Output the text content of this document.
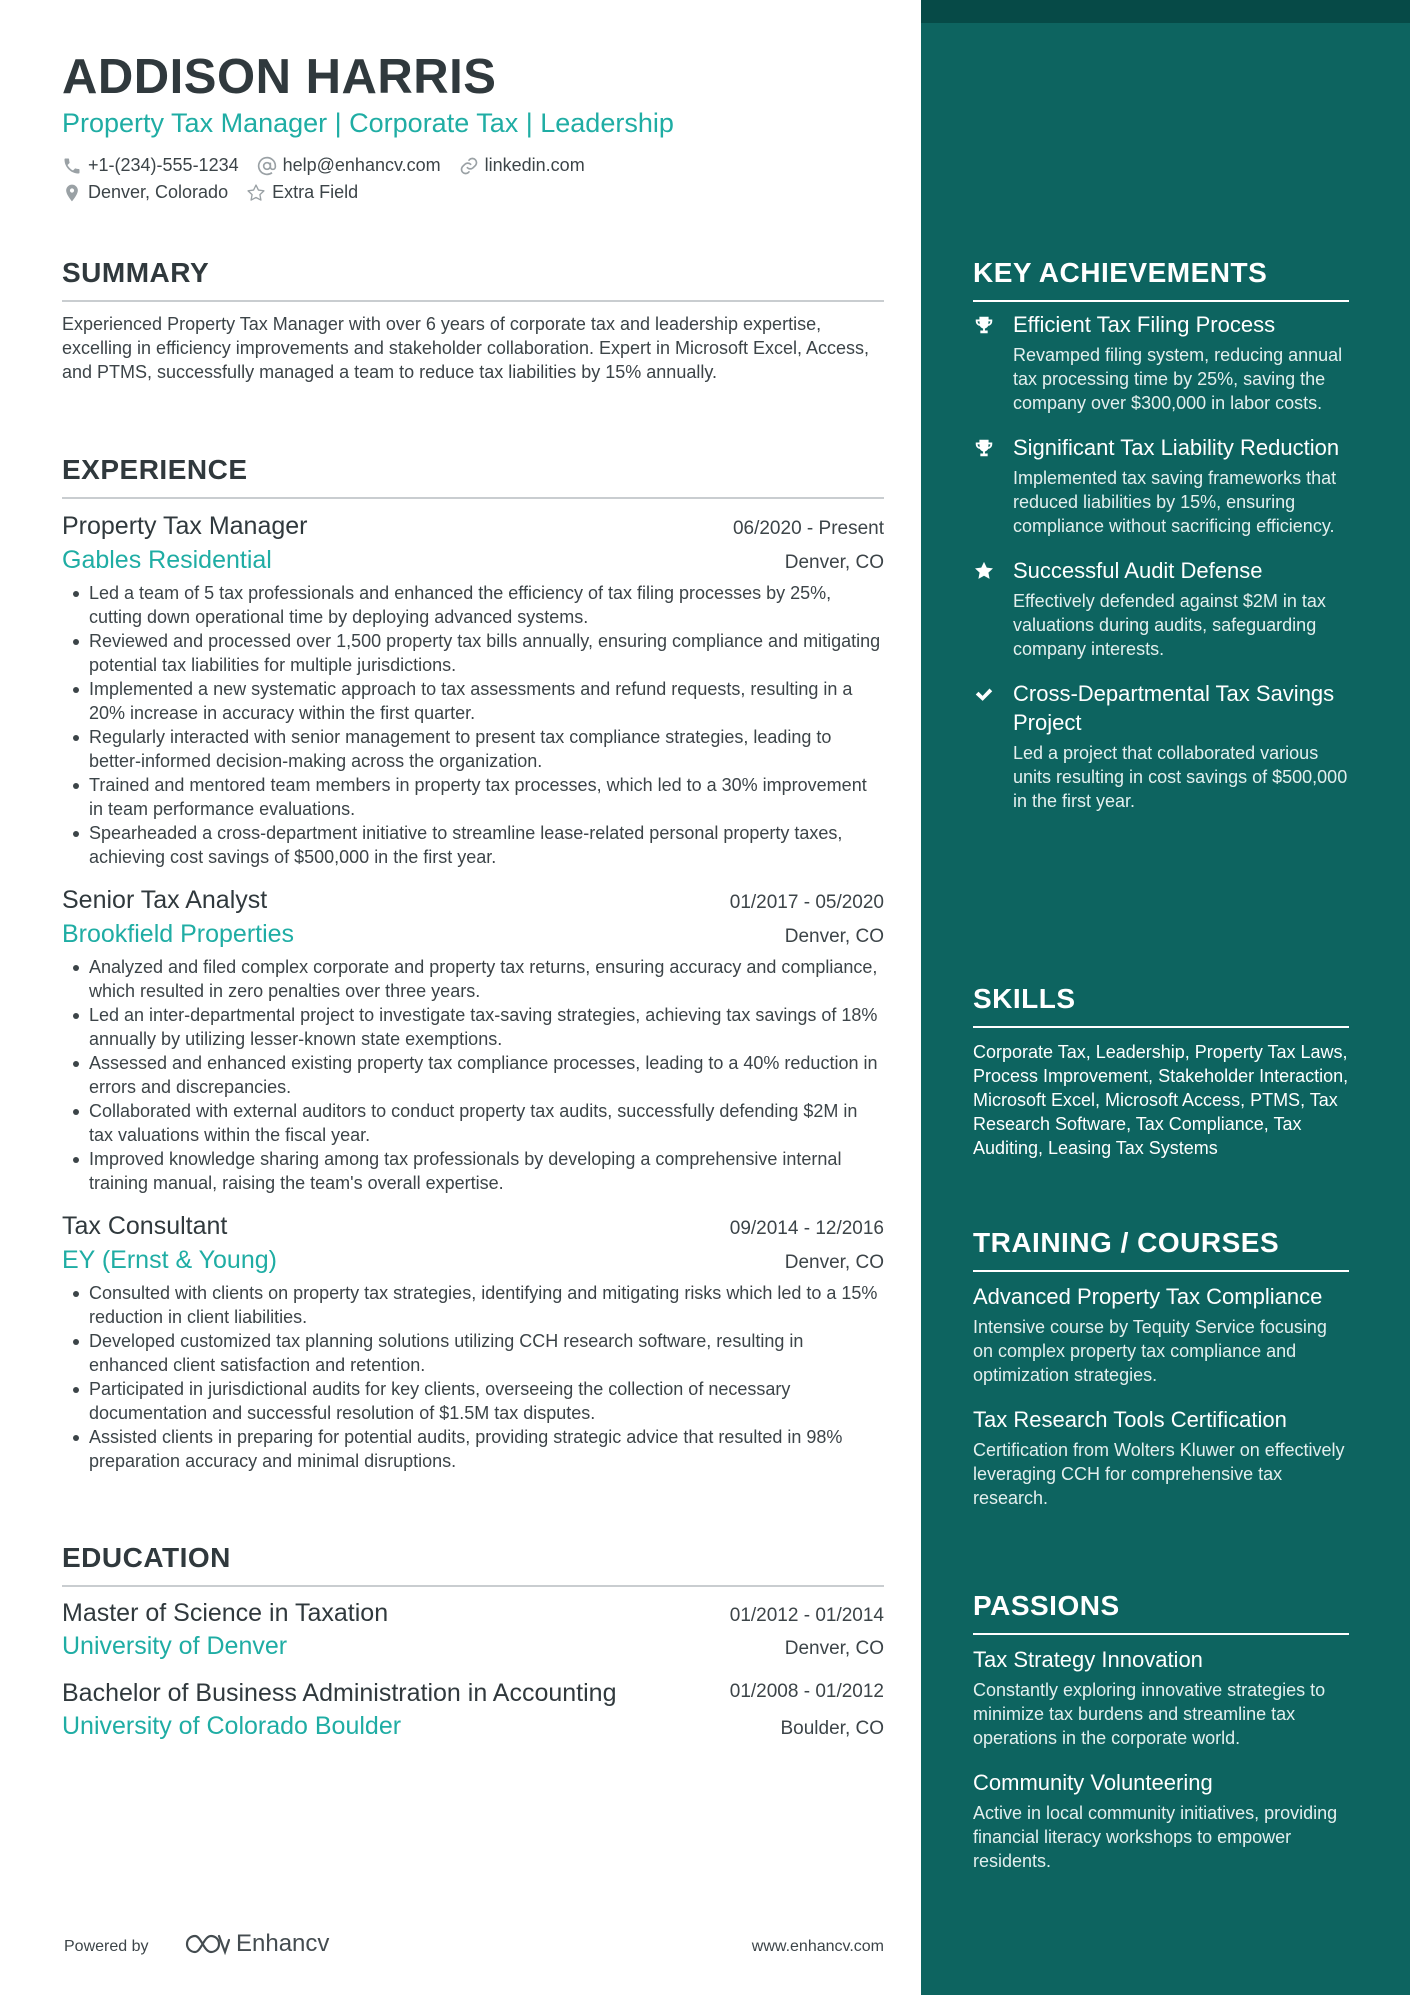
ADDISON HARRIS
Property Tax Manager | Corporate Tax | Leadership
+1-(234)-555-1234 help@enhancv.com linkedin.com
Denver, Colorado Extra Field
SUMMARY
Experienced Property Tax Manager with over 6 years of corporate tax and leadership expertise, excelling in efficiency improvements and stakeholder collaboration. Expert in Microsoft Excel, Access, and PTMS, successfully managed a team to reduce tax liabilities by 15% annually.
EXPERIENCE
Property Tax Manager	06/2020 - Present
Gables Residential	Denver, CO
Led a team of 5 tax professionals and enhanced the efficiency of tax filing processes by 25%, cutting down operational time by deploying advanced systems.
Reviewed and processed over 1,500 property tax bills annually, ensuring compliance and mitigating potential tax liabilities for multiple jurisdictions.
Implemented a new systematic approach to tax assessments and refund requests, resulting in a 20% increase in accuracy within the first quarter.
Regularly interacted with senior management to present tax compliance strategies, leading to better-informed decision-making across the organization.
Trained and mentored team members in property tax processes, which led to a 30% improvement in team performance evaluations.
Spearheaded a cross-department initiative to streamline lease-related personal property taxes, achieving cost savings of $500,000 in the first year.
Senior Tax Analyst	01/2017 - 05/2020
Brookfield Properties	Denver, CO
Analyzed and filed complex corporate and property tax returns, ensuring accuracy and compliance, which resulted in zero penalties over three years.
Led an inter-departmental project to investigate tax-saving strategies, achieving tax savings of 18% annually by utilizing lesser-known state exemptions.
Assessed and enhanced existing property tax compliance processes, leading to a 40% reduction in errors and discrepancies.
Collaborated with external auditors to conduct property tax audits, successfully defending $2M in tax valuations within the fiscal year.
Improved knowledge sharing among tax professionals by developing a comprehensive internal training manual, raising the team's overall expertise.
Tax Consultant	09/2014 - 12/2016
EY (Ernst & Young)	Denver, CO
Consulted with clients on property tax strategies, identifying and mitigating risks which led to a 15% reduction in client liabilities.
Developed customized tax planning solutions utilizing CCH research software, resulting in enhanced client satisfaction and retention.
Participated in jurisdictional audits for key clients, overseeing the collection of necessary documentation and successful resolution of $1.5M tax disputes.
Assisted clients in preparing for potential audits, providing strategic advice that resulted in 98% preparation accuracy and minimal disruptions.
EDUCATION
Master of Science in Taxation	01/2012 - 01/2014
University of Denver	Denver, CO
Bachelor of Business Administration in Accounting	01/2008 - 01/2012
University of Colorado Boulder	Boulder, CO
Powered by	Enhancv	www.enhancv.com
KEY ACHIEVEMENTS
Efficient Tax Filing Process
Revamped filing system, reducing annual tax processing time by 25%, saving the company over $300,000 in labor costs.
Significant Tax Liability Reduction
Implemented tax saving frameworks that reduced liabilities by 15%, ensuring compliance without sacrificing efficiency.
Successful Audit Defense
Effectively defended against $2M in tax valuations during audits, safeguarding company interests.
Cross-Departmental Tax Savings Project
Led a project that collaborated various units resulting in cost savings of $500,000 in the first year.
SKILLS
Corporate Tax, Leadership, Property Tax Laws, Process Improvement, Stakeholder Interaction, Microsoft Excel, Microsoft Access, PTMS, Tax Research Software, Tax Compliance, Tax Auditing, Leasing Tax Systems
TRAINING / COURSES
Advanced Property Tax Compliance
Intensive course by Tequity Service focusing on complex property tax compliance and optimization strategies.
Tax Research Tools Certification
Certification from Wolters Kluwer on effectively leveraging CCH for comprehensive tax research.
PASSIONS
Tax Strategy Innovation
Constantly exploring innovative strategies to minimize tax burdens and streamline tax operations in the corporate world.
Community Volunteering
Active in local community initiatives, providing financial literacy workshops to empower residents.
